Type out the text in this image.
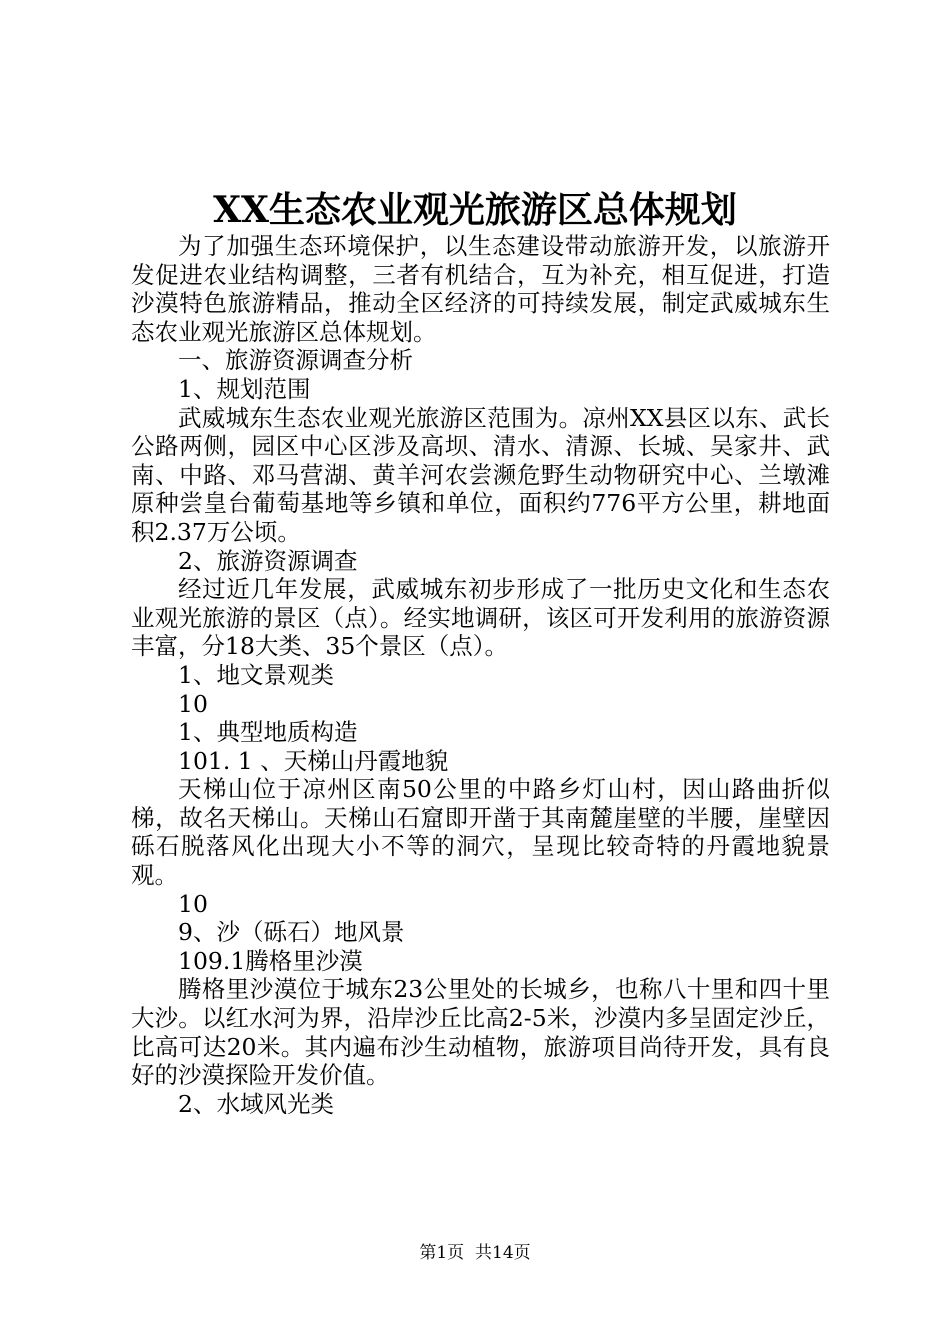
XX生态农业观光旅游区总体规划

为了加强生态环境保护，以生态建设带动旅游开发，以旅游开发促进农业结构调整，三者有机结合，互为补充，相互促进，打造沙漠特色旅游精品，推动全区经济的可持续发展，制定武威城东生态农业观光旅游区总体规划。

一、旅游资源调查分析

1、规划范围

武威城东生态农业观光旅游区范围为。凉州XX县区以东、武长公路两侧，园区中心区涉及高坝、清水、清源、长城、吴家井、武南、中路、邓马营湖、黄羊河农尝濒危野生动物研究中心、兰墩滩原种尝皇台葡萄基地等乡镇和单位，面积约776平方公里，耕地面积2.37万公顷。

2、旅游资源调查

经过近几年发展，武威城东初步形成了一批历史文化和生态农业观光旅游的景区（点）。经实地调研，该区可开发利用的旅游资源丰富，分18大类、35个景区（点）。

1、地文景观类

10

1、典型地质构造

101. 1 、天梯山丹霞地貌

天梯山位于凉州区南50公里的中路乡灯山村，因山路曲折似梯，故名天梯山。天梯山石窟即开凿于其南麓崖壁的半腰，崖壁因砾石脱落风化出现大小不等的洞穴，呈现比较奇特的丹霞地貌景观。

10

9、沙（砾石）地风景

109.1腾格里沙漠

腾格里沙漠位于城东23公里处的长城乡，也称八十里和四十里大沙。以红水河为界，沿岸沙丘比高2-5米，沙漠内多呈固定沙丘，比高可达20米。其内遍布沙生动植物，旅游项目尚待开发，具有良好的沙漠探险开发价值。

2、水域风光类

第1页 共14页
